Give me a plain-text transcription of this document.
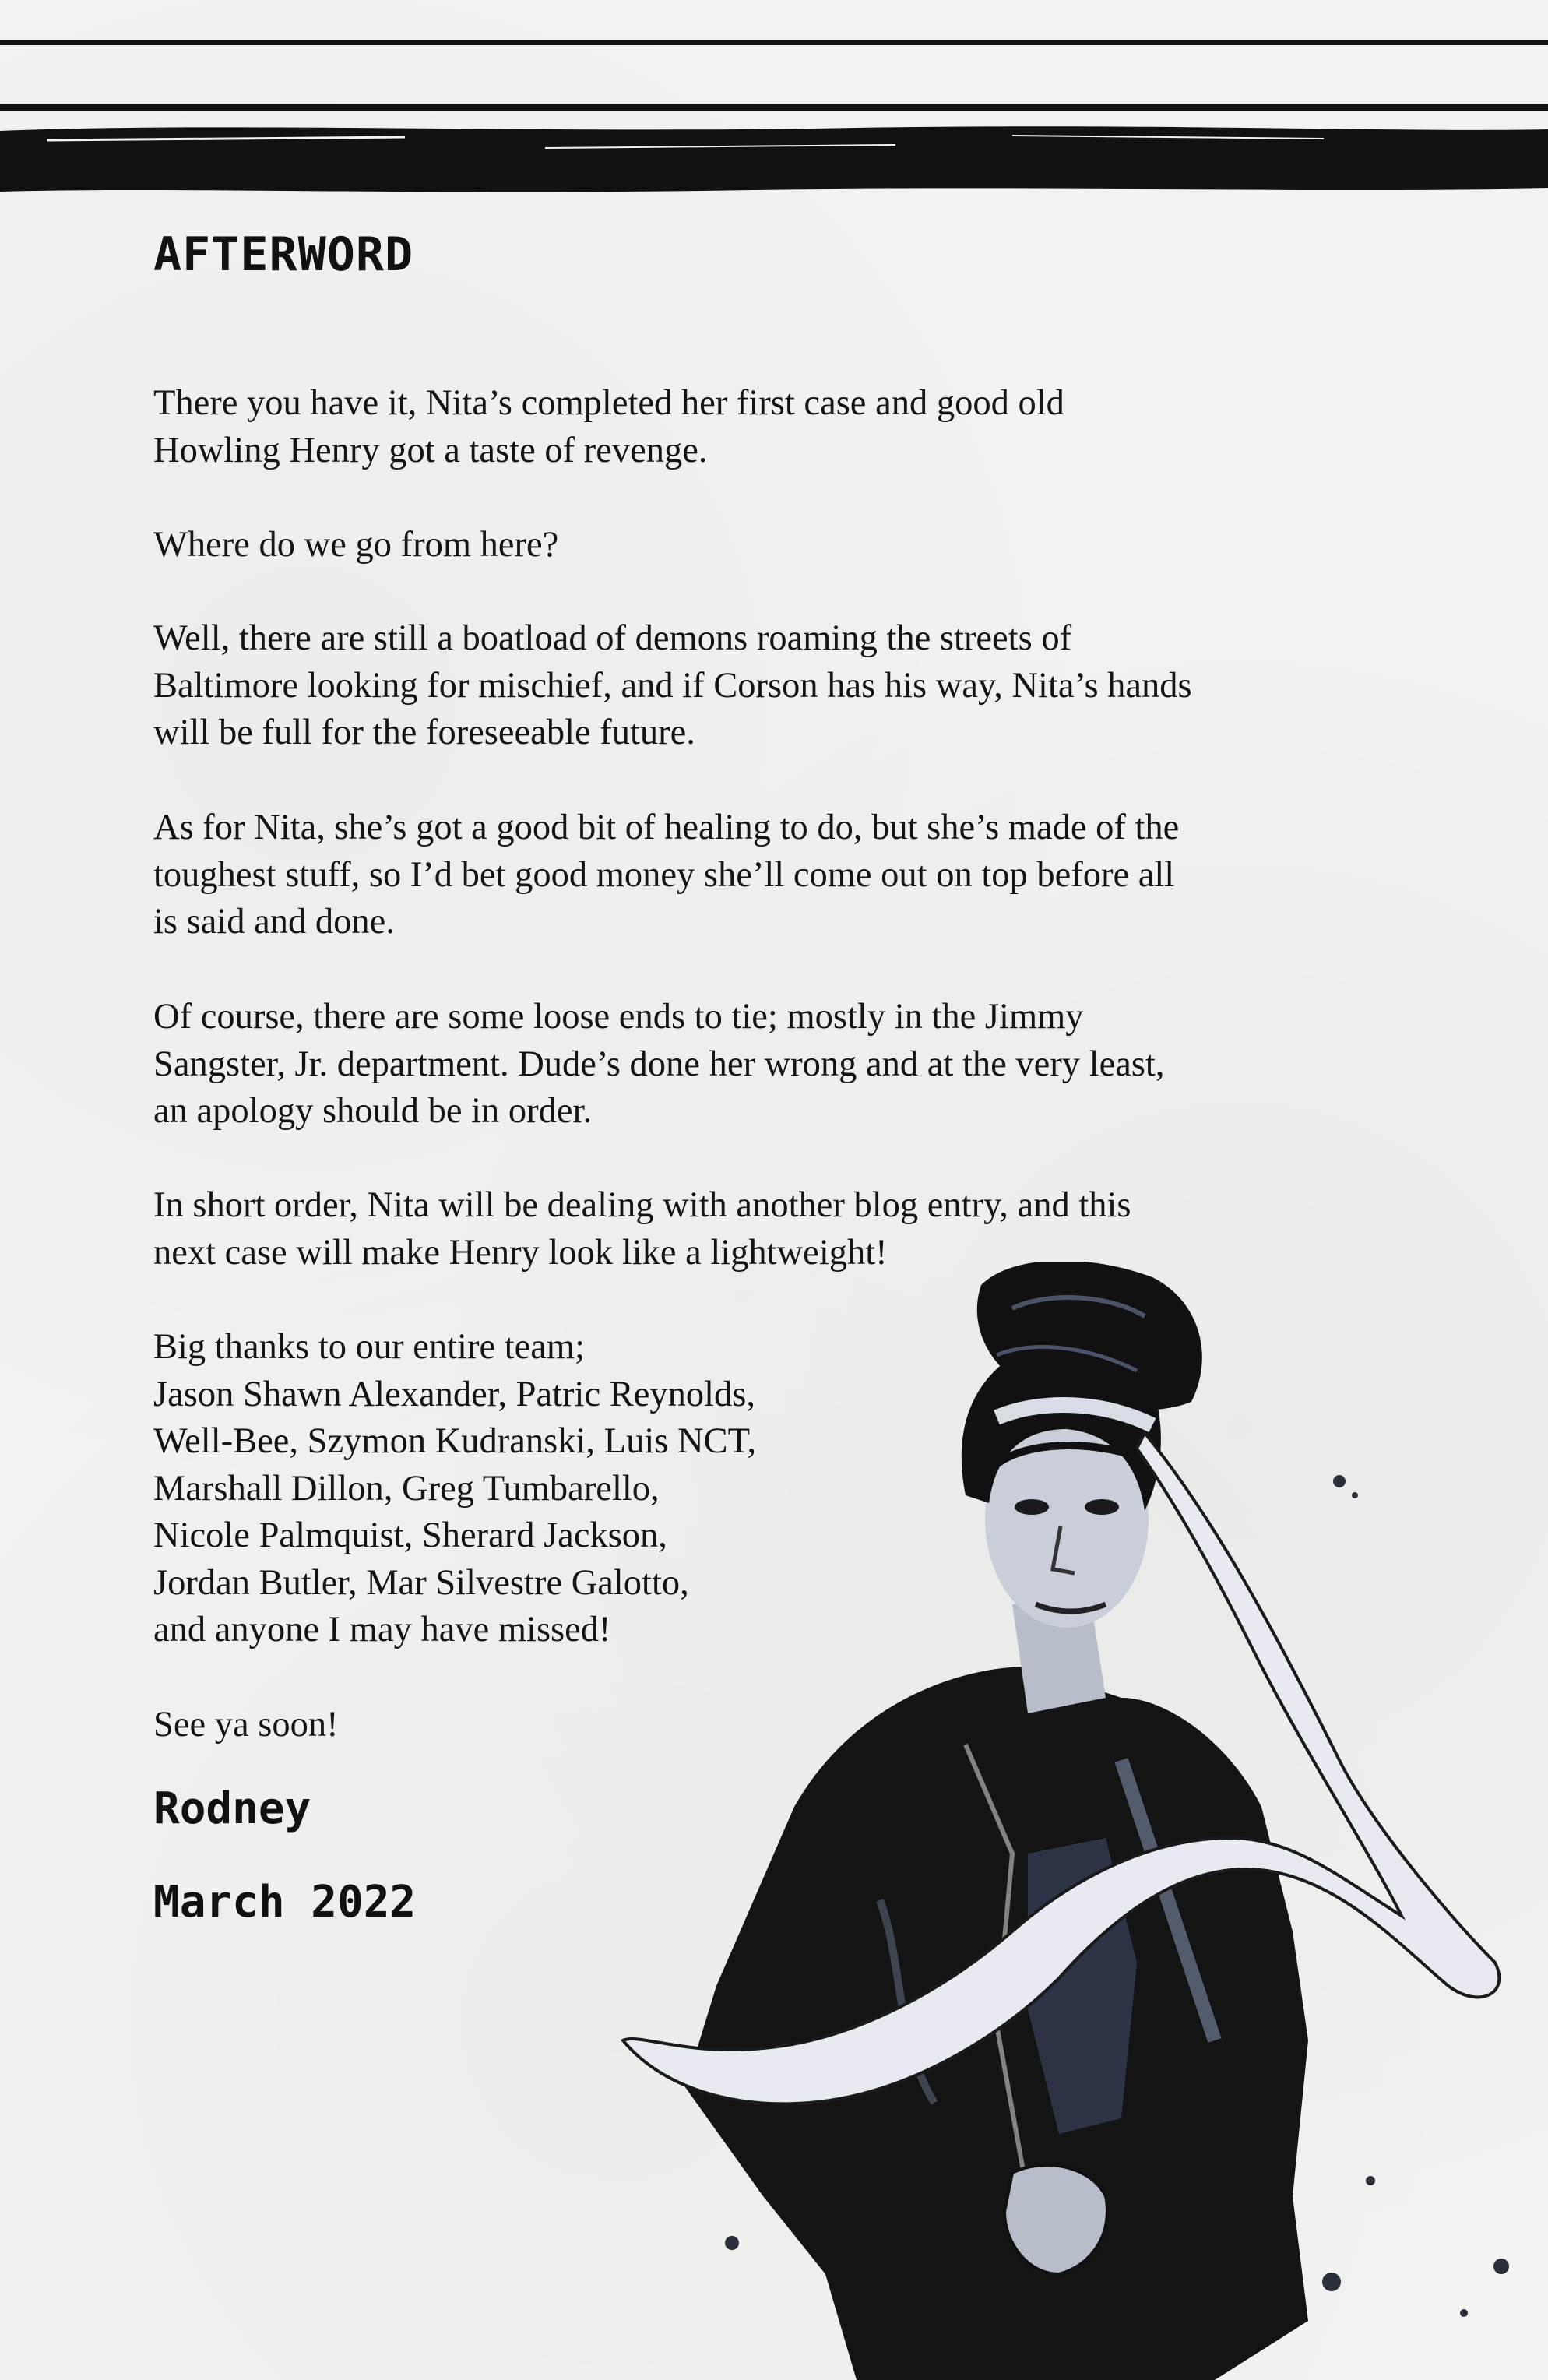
AFTERWORD

There you have it, Nita’s completed her first case and good old
Howling Henry got a taste of revenge.

Where do we go from here?

Well, there are still a boatload of demons roaming the streets of
Baltimore looking for mischief, and if Corson has his way, Nita’s hands
will be full for the foreseeable future.

As for Nita, she’s got a good bit of healing to do, but she’s made of the
toughest stuff, so I’d bet good money she’ll come out on top before all
is said and done.

Of course, there are some loose ends to tie; mostly in the Jimmy
Sangster, Jr. department. Dude’s done her wrong and at the very least,
an apology should be in order.

In short order, Nita will be dealing with another blog entry, and this
next case will make Henry look like a lightweight!

Big thanks to our entire team;
Jason Shawn Alexander, Patric Reynolds,
Well-Bee, Szymon Kudranski, Luis NCT,
Marshall Dillon, Greg Tumbarello,
Nicole Palmquist, Sherard Jackson,
Jordan Butler, Mar Silvestre Galotto,
and anyone I may have missed!

See ya soon!

Rodney

March 2022
